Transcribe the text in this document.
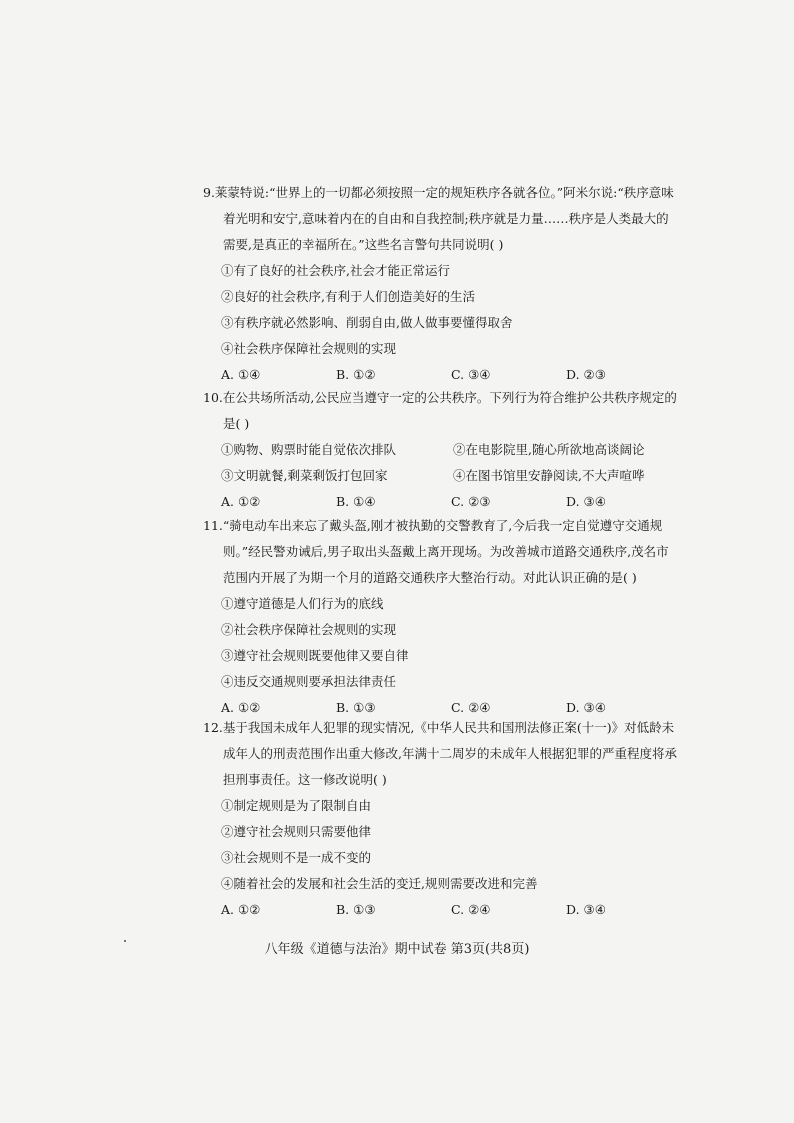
9.莱蒙特说:“世界上的一切都必须按照一定的规矩秩序各就各位。”阿米尔说:“秩序意味着光明和安宁,意味着内在的自由和自我控制;秩序就是力量……秩序是人类最大的需要,是真正的幸福所在。”这些名言警句共同说明( )

①有了良好的社会秩序,社会才能正常运行

②良好的社会秩序,有利于人们创造美好的生活

③有秩序就必然影响、削弱自由,做人做事要懂得取舍

④社会秩序保障社会规则的实现

A. ①④	B. ①②	C. ③④	D. ②③

10.在公共场所活动,公民应当遵守一定的公共秩序。下列行为符合维护公共秩序规定的是( )

①购物、购票时能自觉依次排队	②在电影院里,随心所欲地高谈阔论
③文明就餐,剩菜剩饭打包回家	④在图书馆里安静阅读,不大声喧哗
A. ①②	B. ①④	C. ②③	D. ③④

11.“骑电动车出来忘了戴头盔,刚才被执勤的交警教育了,今后我一定自觉遵守交通规则。”经民警劝诫后,男子取出头盔戴上离开现场。为改善城市道路交通秩序,茂名市范围内开展了为期一个月的道路交通秩序大整治行动。对此认识正确的是( )

①遵守道德是人们行为的底线

②社会秩序保障社会规则的实现

③遵守社会规则既要他律又要自律

④违反交通规则要承担法律责任

A. ①②	B. ①③	C. ②④	D. ③④

12.基于我国未成年人犯罪的现实情况,《中华人民共和国刑法修正案(十一)》对低龄未成年人的刑责范围作出重大修改,年满十二周岁的未成年人根据犯罪的严重程度将承担刑事责任。这一修改说明( )

①制定规则是为了限制自由

②遵守社会规则只需要他律

③社会规则不是一成不变的

④随着社会的发展和社会生活的变迁,规则需要改进和完善

A. ①②	B. ①③	C. ②④	D. ③④
八年级《道德与法治》期中试卷 第3页(共8页)
